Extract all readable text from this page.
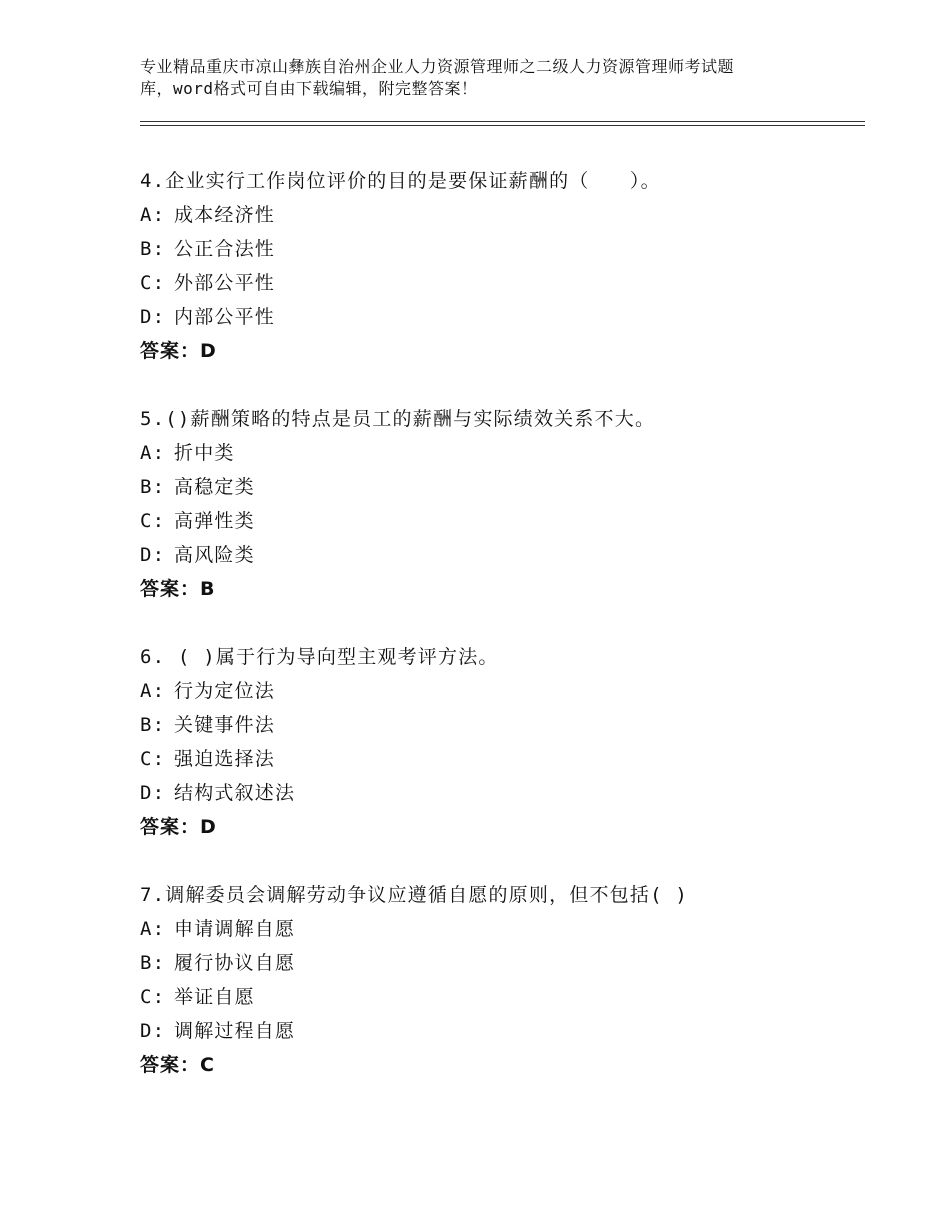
专业精品重庆市凉山彝族自治州企业人力资源管理师之二级人力资源管理师考试题
库，word格式可自由下载编辑，附完整答案！
4.企业实行工作岗位评价的目的是要保证薪酬的（　　）。
A: 成本经济性
B: 公正合法性
C: 外部公平性
D: 内部公平性
答案：D
5.()薪酬策略的特点是员工的薪酬与实际绩效关系不大。
A: 折中类
B: 高稳定类
C: 高弹性类
D: 高风险类
答案：B
6. ( )属于行为导向型主观考评方法。
A: 行为定位法
B: 关键事件法
C: 强迫选择法
D: 结构式叙述法
答案：D
7.调解委员会调解劳动争议应遵循自愿的原则，但不包括( )
A: 申请调解自愿
B: 履行协议自愿
C: 举证自愿
D: 调解过程自愿
答案：C
